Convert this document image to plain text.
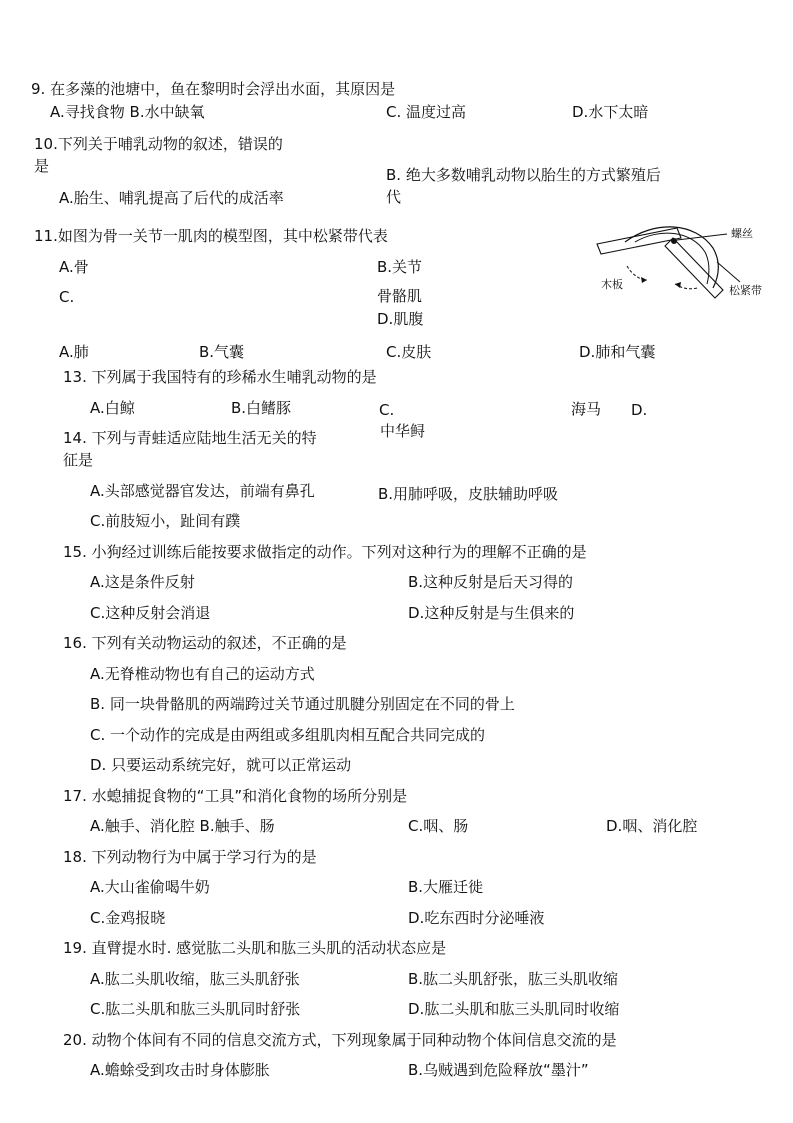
9. 在多藻的池塘中，鱼在黎明时会浮出水面，其原因是
A.寻找食物 B.水中缺氧	C. 温度过高	D.水下太暗
10.下列关于哺乳动物的叙述，错误的
是	B. 绝大多数哺乳动物以胎生的方式繁殖后
A.胎生、哺乳提高了后代的成活率	代
11.如图为骨一关节一肌肉的模型图，其中松紧带代表
A.骨	B.关节
C.	骨骼肌
D.肌腹
螺丝
木板	松紧带
A.肺	B.气囊	C.皮肤	D.肺和气囊
13. 下列属于我国特有的珍稀水生哺乳动物的是
A.白鲸	B.白鳍豚	C.	海马 D.
中华鲟
14. 下列与青蛙适应陆地生活无关的特
征是
A.头部感觉器官发达，前端有鼻孔	B.用肺呼吸，皮肤辅助呼吸
C.前肢短小，趾间有蹼
15. 小狗经过训练后能按要求做指定的动作。下列对这种行为的理解不正确的是
A.这是条件反射	B.这种反射是后天习得的
C.这种反射会消退	D.这种反射是与生俱来的
16. 下列有关动物运动的叙述，不正确的是
A.无脊椎动物也有自己的运动方式
B. 同一块骨骼肌的两端跨过关节通过肌腱分别固定在不同的骨上
C. 一个动作的完成是由两组或多组肌肉相互配合共同完成的
D. 只要运动系统完好，就可以正常运动
17. 水螅捕捉食物的“工具”和消化食物的场所分别是
A.触手、消化腔 B.触手、肠	C.咽、肠	D.咽、消化腔
18. 下列动物行为中属于学习行为的是
A.大山雀偷喝牛奶	B.大雁迁徙
C.金鸡报晓	D.吃东西时分泌唾液
19. 直臂提水时. 感觉肱二头肌和肱三头肌的活动状态应是
A.肱二头肌收缩，肱三头肌舒张	B.肱二头肌舒张，肱三头肌收缩
C.肱二头肌和肱三头肌同时舒张	D.肱二头肌和肱三头肌同时收缩
20. 动物个体间有不同的信息交流方式，下列现象属于同种动物个体间信息交流的是
A.蟾蜍受到攻击时身体膨胀	B.乌贼遇到危险释放“墨汁”
